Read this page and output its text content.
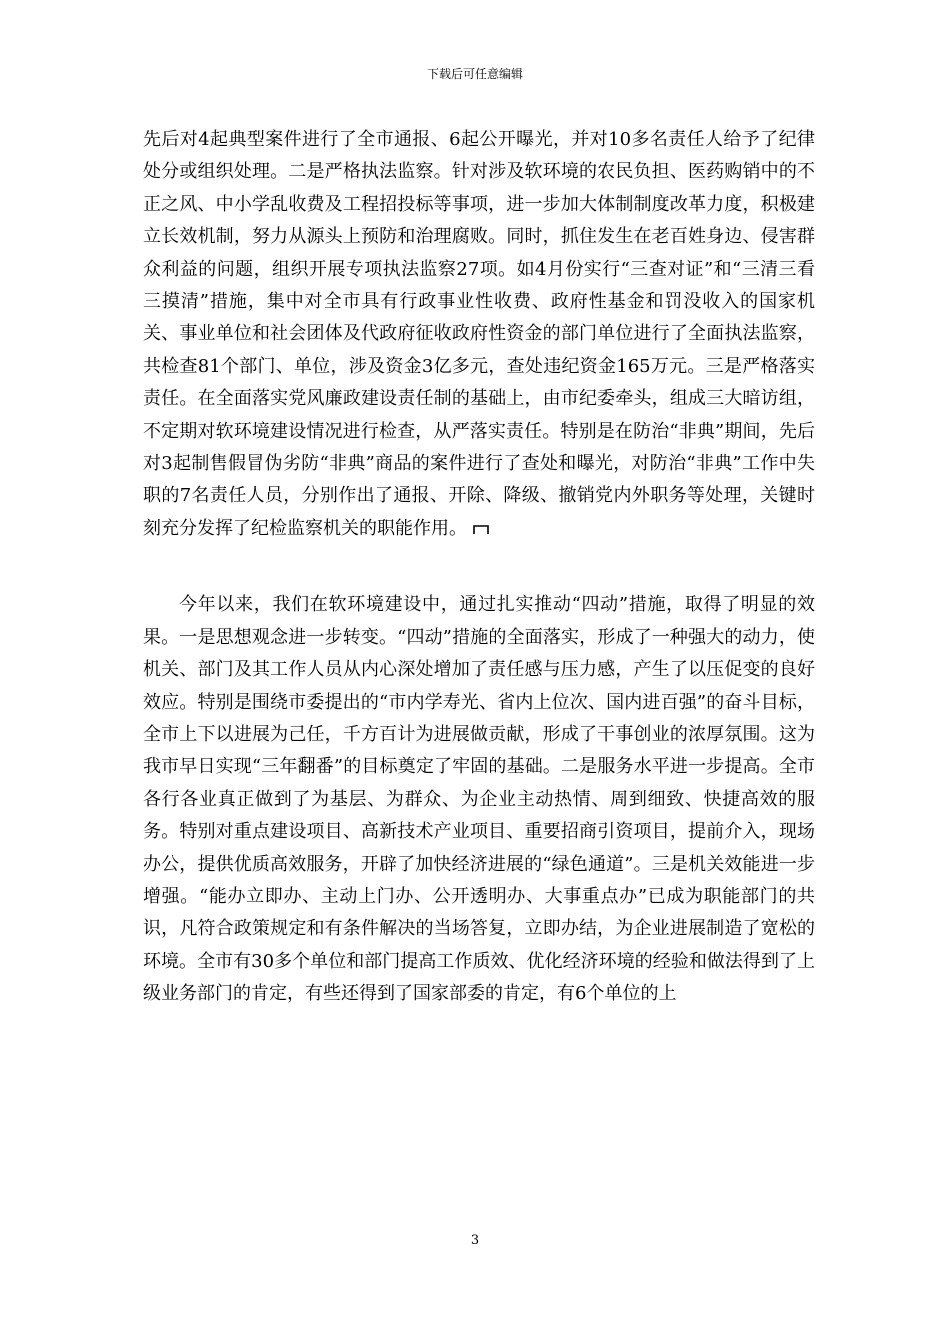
下载后可任意编辑

先后对4起典型案件进行了全市通报、6起公开曝光，并对10多名责任人给予了纪律处分或组织处理。二是严格执法监察。针对涉及软环境的农民负担、医药购销中的不正之风、中小学乱收费及工程招投标等事项，进一步加大体制制度改革力度，积极建立长效机制，努力从源头上预防和治理腐败。同时，抓住发生在老百姓身边、侵害群众利益的问题，组织开展专项执法监察27项。如4月份实行“三查对证”和“三清三看三摸清”措施，集中对全市具有行政事业性收费、政府性基金和罚没收入的国家机关、事业单位和社会团体及代政府征收政府性资金的部门单位进行了全面执法监察，共检查81个部门、单位，涉及资金3亿多元，查处违纪资金165万元。三是严格落实责任。在全面落实党风廉政建设责任制的基础上，由市纪委牵头，组成三大暗访组，不定期对软环境建设情况进行检查，从严落实责任。特别是在防治“非典”期间，先后对3起制售假冒伪劣防“非典”商品的案件进行了查处和曝光，对防治“非典”工作中失职的7名责任人员，分别作出了通报、开除、降级、撤销党内外职务等处理，关键时刻充分发挥了纪检监察机关的职能作用。

今年以来，我们在软环境建设中，通过扎实推动“四动”措施，取得了明显的效果。一是思想观念进一步转变。“四动”措施的全面落实，形成了一种强大的动力，使机关、部门及其工作人员从内心深处增加了责任感与压力感，产生了以压促变的良好效应。特别是围绕市委提出的“市内学寿光、省内上位次、国内进百强”的奋斗目标，全市上下以进展为己任，千方百计为进展做贡献，形成了干事创业的浓厚氛围。这为我市早日实现“三年翻番”的目标奠定了牢固的基础。二是服务水平进一步提高。全市各行各业真正做到了为基层、为群众、为企业主动热情、周到细致、快捷高效的服务。特别对重点建设项目、高新技术产业项目、重要招商引资项目，提前介入，现场办公，提供优质高效服务，开辟了加快经济进展的“绿色通道”。三是机关效能进一步增强。“能办立即办、主动上门办、公开透明办、大事重点办”已成为职能部门的共识，凡符合政策规定和有条件解决的当场答复，立即办结，为企业进展制造了宽松的环境。全市有30多个单位和部门提高工作质效、优化经济环境的经验和做法得到了上级业务部门的肯定，有些还得到了国家部委的肯定，有6个单位的上

3
